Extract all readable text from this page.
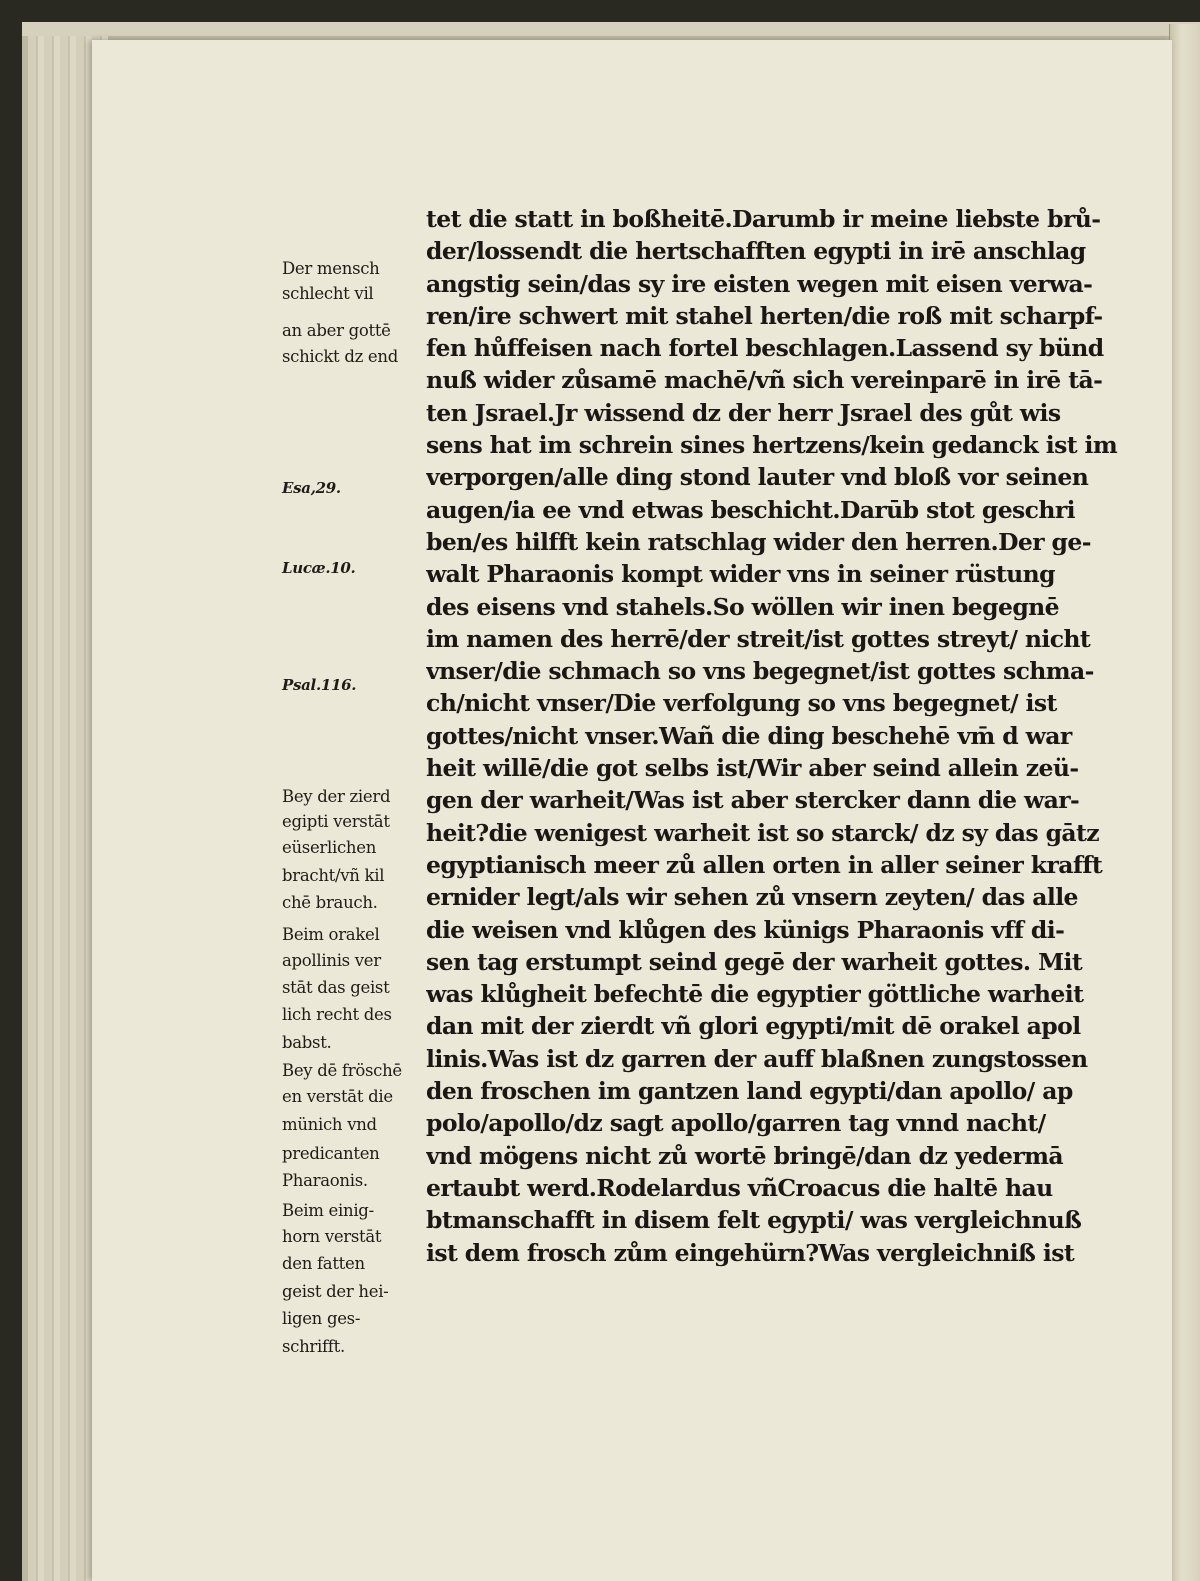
Der mensch
schlecht vil
an aber gottē
schickt dz end
Esa,29.
Lucæ.10.
Psal.116.
Bey der zierd
egipti verstāt
eüserlichen
bracht/vñ kil
chē brauch.
Beim orakel
apollinis ver
stāt das geist
lich recht des
babst.
Bey dē fröschē
en verstāt die
münich vnd
predicanten
Pharaonis.
Beim einig-
horn verstāt
den fatten
geist der hei-
ligen ges-
schrifft.
tet die statt in boßheitē.Darumb ir meine liebste brů-
der/lossendt die hertschafften egypti in irē anschlag
angstig sein/das sy ire eisten wegen mit eisen verwa-
ren/ire schwert mit stahel herten/die roß mit scharpf-
fen hůffeisen nach fortel beschlagen.Lassend sy bünd
nuß wider zůsamē machē/vñ sich vereinparē in irē tā-
ten Jsrael.Jr wissend dz der herr Jsrael des gůt wis
sens hat im schrein sines hertzens/kein gedanck ist im
verporgen/alle ding stond lauter vnd bloß vor seinen
augen/ia ee vnd etwas beschicht.Darūb stot geschri
ben/es hilfft kein ratschlag wider den herren.Der ge-
walt Pharaonis kompt wider vns in seiner rüstung
des eisens vnd stahels.So wöllen wir inen begegnē
im namen des herrē/der streit/ist gottes streyt/ nicht
vnser/die schmach so vns begegnet/ist gottes schma-
ch/nicht vnser/Die verfolgung so vns begegnet/ ist
gottes/nicht vnser.Wañ die ding beschehē vm̄ d war
heit willē/die got selbs ist/Wir aber seind allein zeü-
gen der warheit/Was ist aber stercker dann die war-
heit?die wenigest warheit ist so starck/ dz sy das gātz
egyptianisch meer zů allen orten in aller seiner krafft
ernider legt/als wir sehen zů vnsern zeyten/ das alle
die weisen vnd klůgen des künigs Pharaonis vff di-
sen tag erstumpt seind gegē der warheit gottes. Mit
was klůgheit befechtē die egyptier göttliche warheit
dan mit der zierdt vñ glori egypti/mit dē orakel apol
linis.Was ist dz garren der auff blaßnen zungstossen
den froschen im gantzen land egypti/dan apollo/ ap
polo/apollo/dz sagt apollo/garren tag vnnd nacht/
vnd mögens nicht zů wortē bringē/dan dz yedermā
ertaubt werd.Rodelardus vñCroacus die haltē hau
btmanschafft in disem felt egypti/ was vergleichnuß
ist dem frosch zům eingehürn?Was vergleichniß ist
